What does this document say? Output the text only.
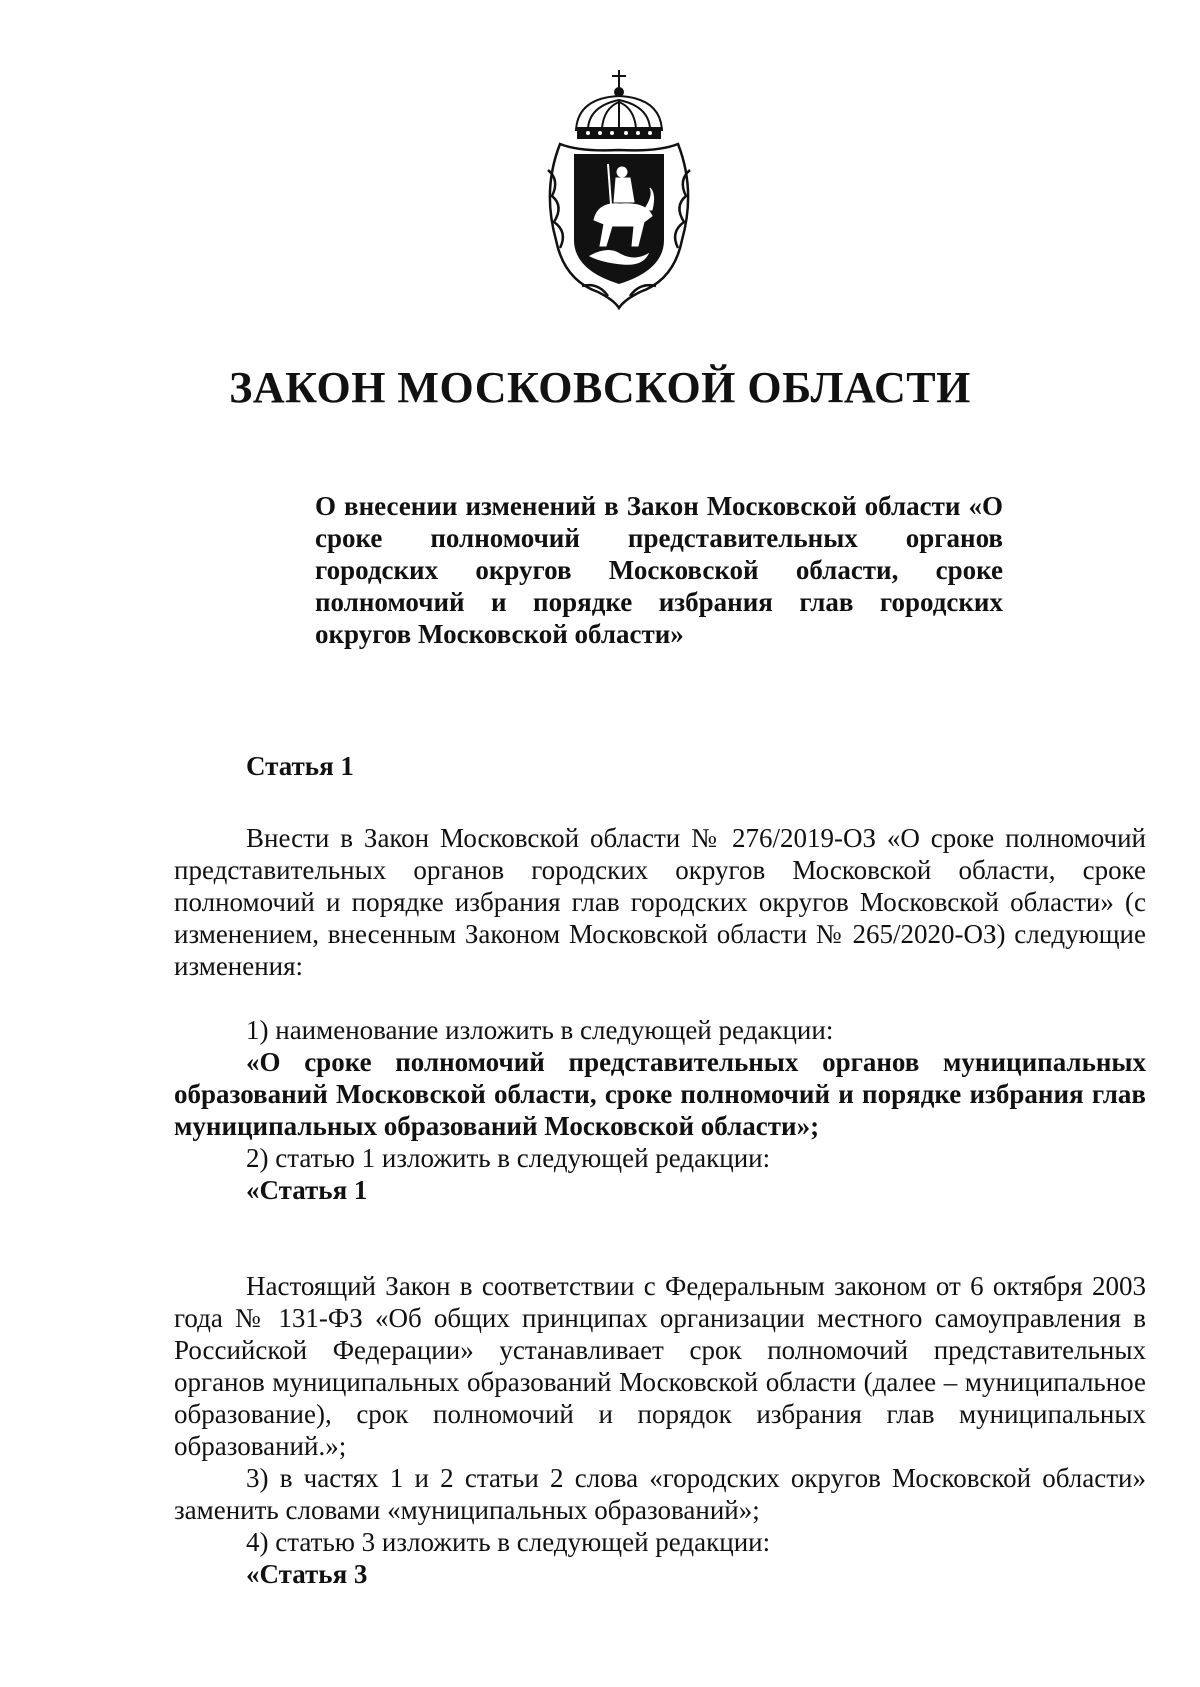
ЗАКОН МОСКОВСКОЙ ОБЛАСТИ
О внесении изменений в Закон Московской области «О сроке полномочий представительных органов городских округов Московской области, сроке полномочий и порядке избрания глав городских округов Московской области»

Статья 1

Внести в Закон Московской области № 276/2019-ОЗ «О сроке полномочий представительных органов городских округов Московской области, сроке полномочий и порядке избрания глав городских округов Московской области» (с изменением, внесенным Законом Московской области № 265/2020-ОЗ) следующие изменения:

1) наименование изложить в следующей редакции:

«О сроке полномочий представительных органов муниципальных образований Московской области, сроке полномочий и порядке избрания глав муниципальных образований Московской области»;

2) статью 1 изложить в следующей редакции:

«Статья 1

Настоящий Закон в соответствии с Федеральным законом от 6 октября 2003 года № 131-ФЗ «Об общих принципах организации местного самоуправления в Российской Федерации» устанавливает срок полномочий представительных органов муниципальных образований Московской области (далее – муниципальное образование), срок полномочий и порядок избрания глав муниципальных образований.»;

3) в частях 1 и 2 статьи 2 слова «городских округов Московской области» заменить словами «муниципальных образований»;

4) статью 3 изложить в следующей редакции:

«Статья 3
